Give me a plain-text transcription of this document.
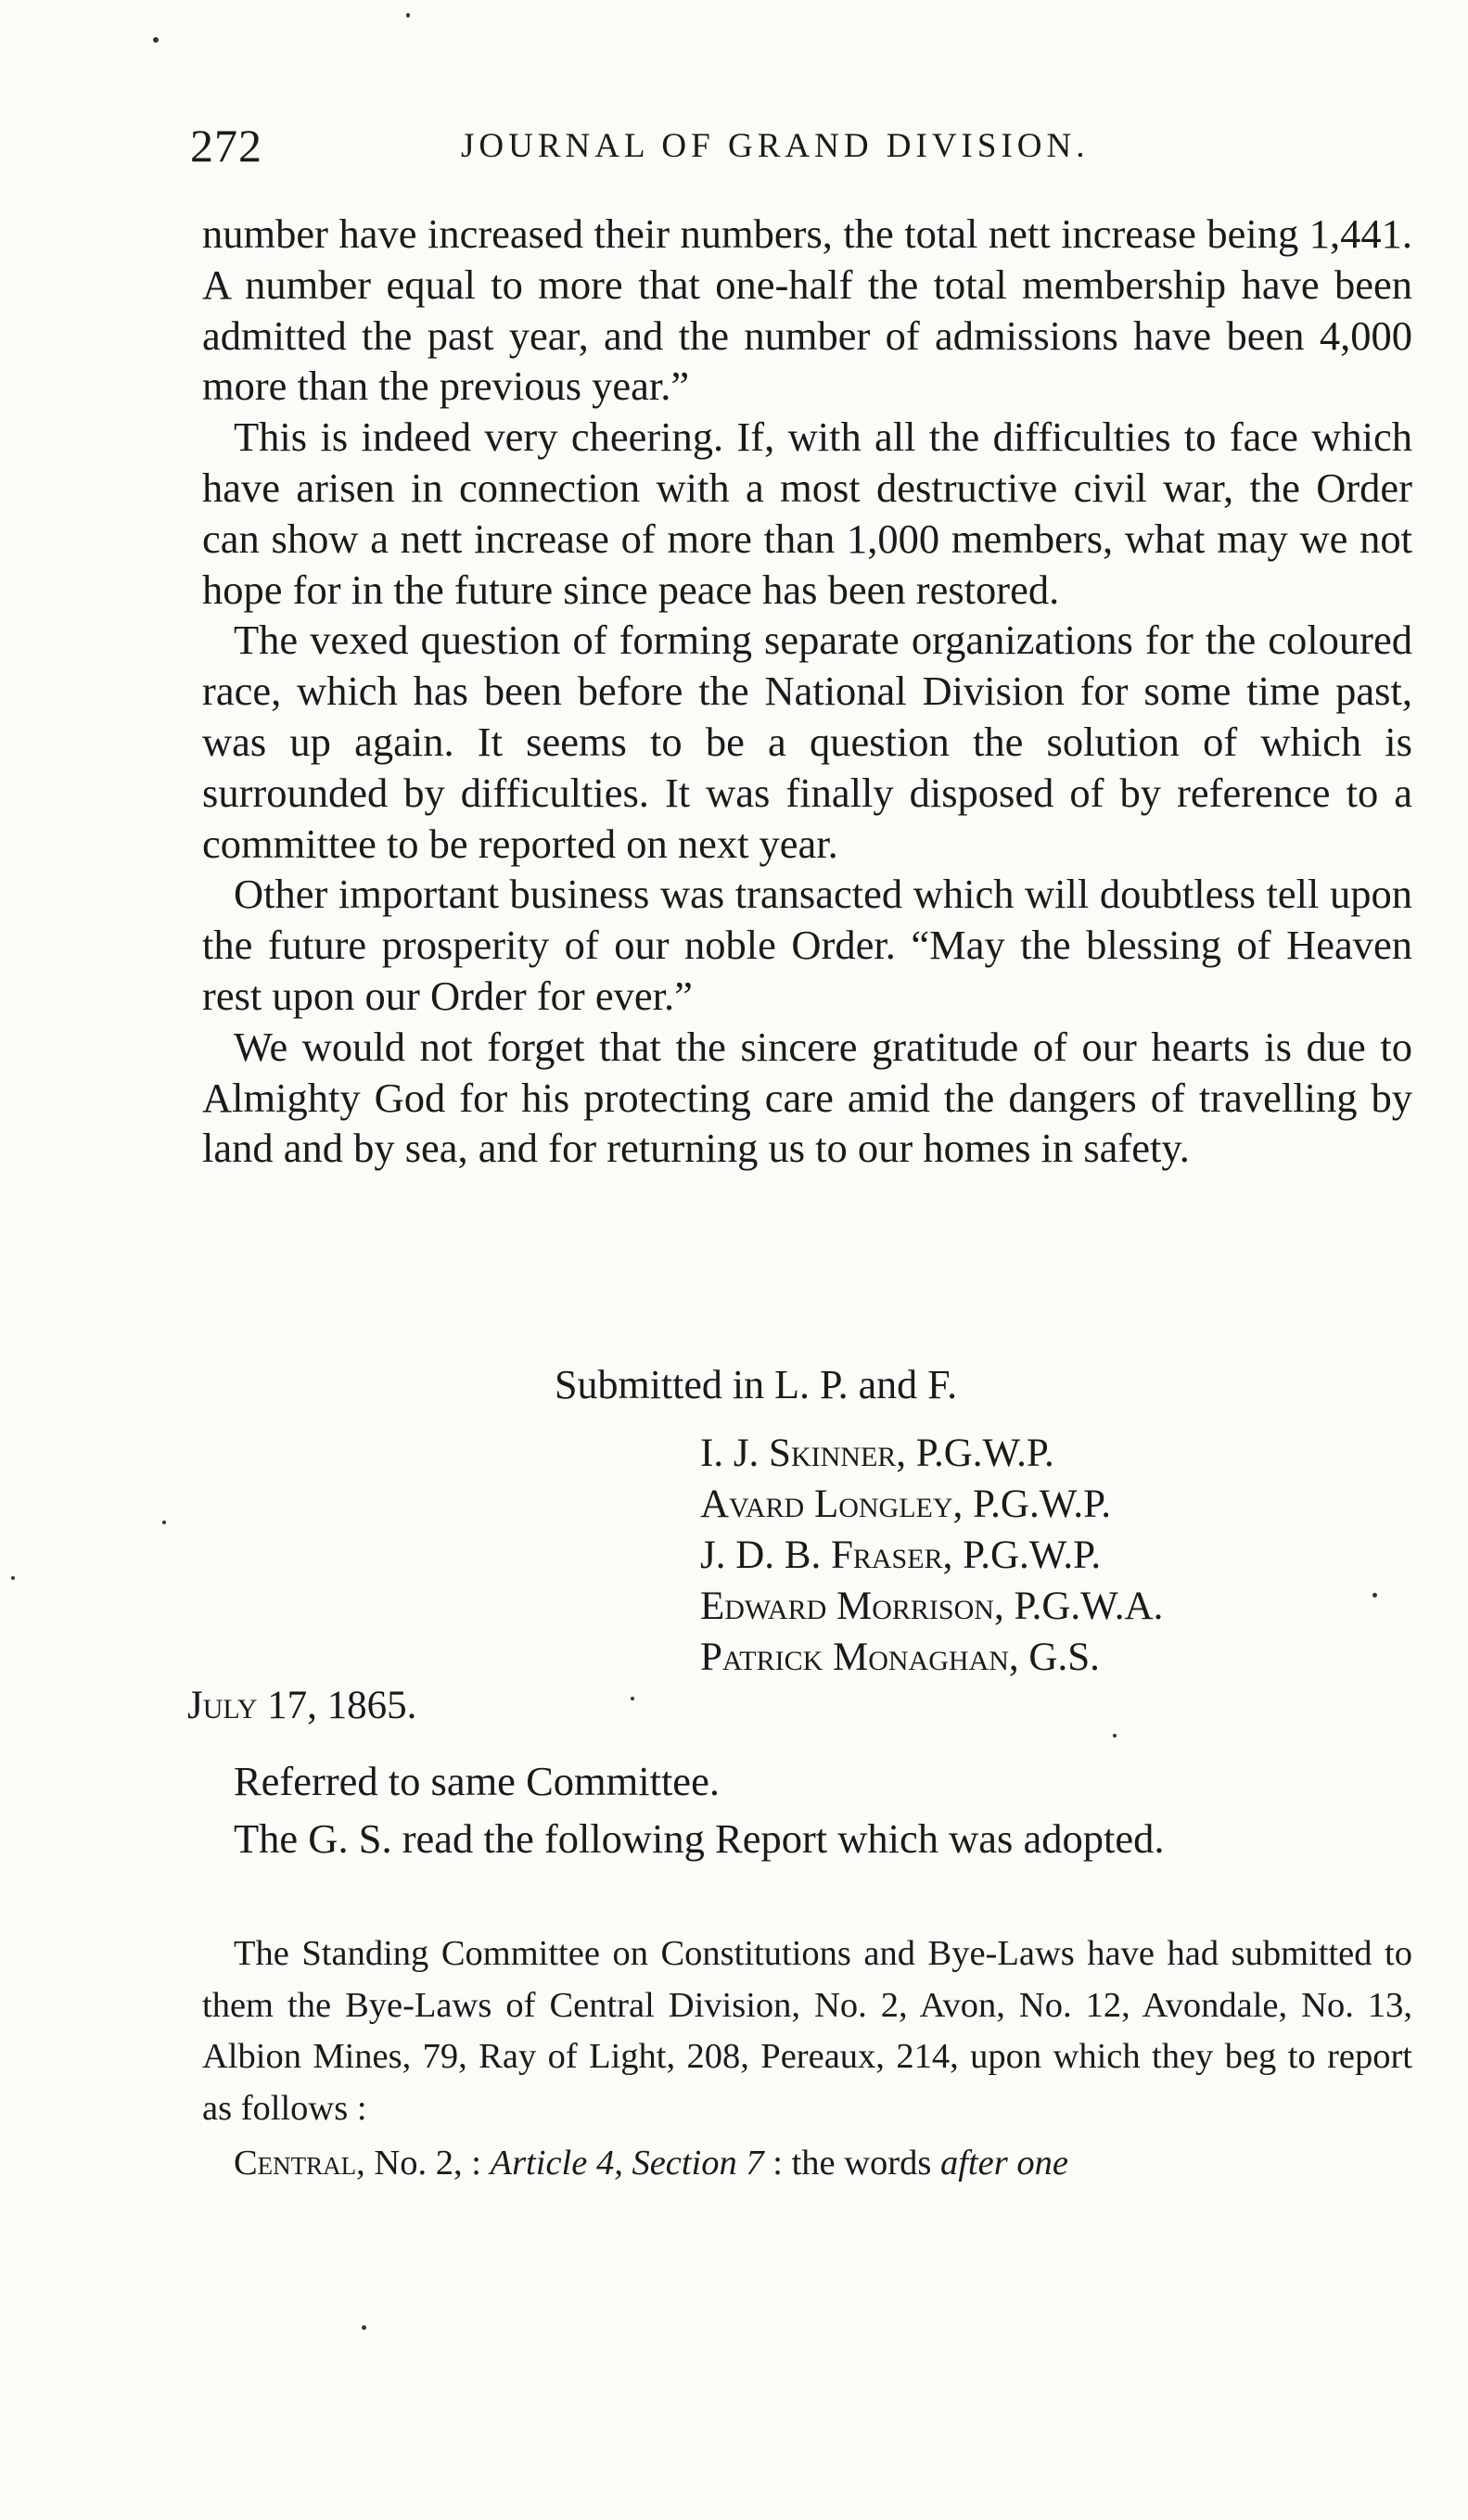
272	JOURNAL OF GRAND DIVISION.

number have increased their numbers, the total nett increase being 1,441. A number equal to more that one-half the total membership have been admitted the past year, and the number of admissions have been 4,000 more than the previous year.”

This is indeed very cheering. If, with all the difficulties to face which have arisen in connection with a most destructive civil war, the Order can show a nett increase of more than 1,000 members, what may we not hope for in the future since peace has been restored.

The vexed question of forming separate organizations for the coloured race, which has been before the National Division for some time past, was up again. It seems to be a question the solution of which is surrounded by difficulties. It was finally disposed of by reference to a committee to be reported on next year.

Other important business was transacted which will doubtless tell upon the future prosperity of our noble Order. “May the blessing of Heaven rest upon our Order for ever.”

We would not forget that the sincere gratitude of our hearts is due to Almighty God for his protecting care amid the dangers of travelling by land and by sea, and for returning us to our homes in safety.

Submitted in L. P. and F.
I. J. Skinner, P.G.W.P.
Avard Longley, P.G.W.P.
J. D. B. Fraser, P.G.W.P.
Edward Morrison, P.G.W.A.
Patrick Monaghan, G.S.
July 17, 1865.

Referred to same Committee.

The G. S. read the following Report which was adopted.

The Standing Committee on Constitutions and Bye-Laws have had submitted to them the Bye-Laws of Central Division, No. 2, Avon, No. 12, Avondale, No. 13, Albion Mines, 79, Ray of Light, 208, Pereaux, 214, upon which they beg to report as follows :

Central, No. 2, : Article 4, Section 7 : the words after one
